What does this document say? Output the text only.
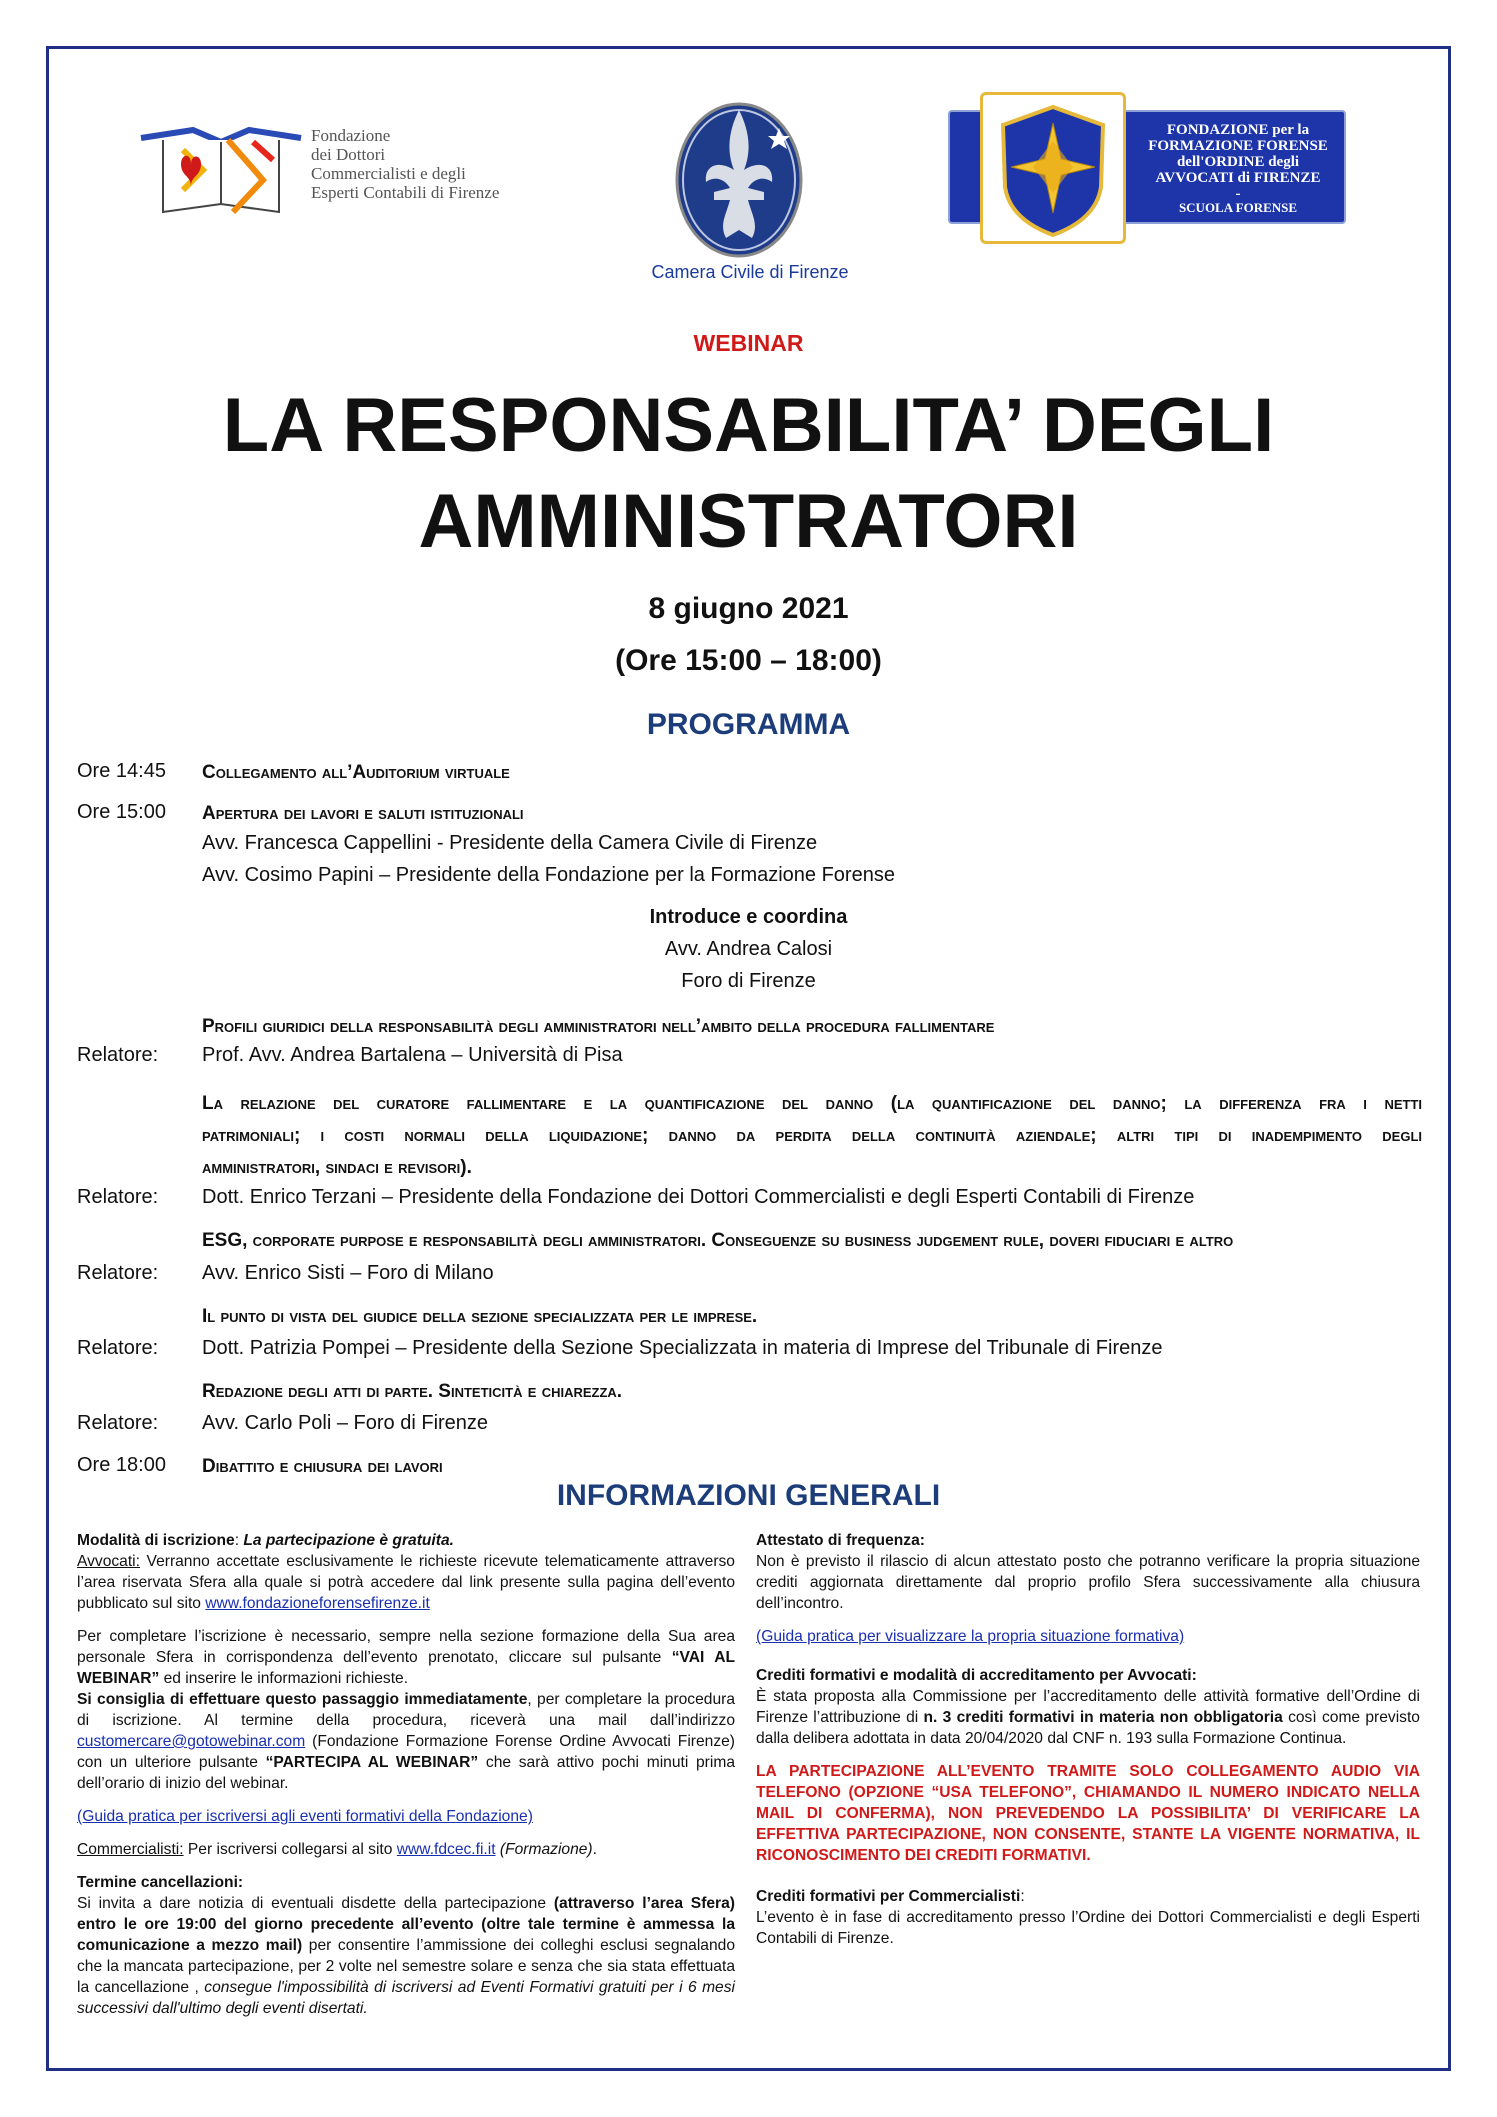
Fondazione
dei Dottori
Commercialisti e degli
Esperti Contabili di Firenze
Camera Civile di Firenze
FONDAZIONE per la
FORMAZIONE FORENSE
dell'ORDINE degli
AVVOCATI di FIRENZE
-
SCUOLA FORENSE
WEBINAR
LA RESPONSABILITA’ DEGLI
AMMINISTRATORI
8 giugno 2021
(Ore 15:00 – 18:00)
PROGRAMMA
Ore 14:45 Collegamento all’Auditorium virtuale
Ore 15:00 Apertura dei lavori e saluti istituzionali
Avv. Francesca Cappellini - Presidente della Camera Civile di Firenze
Avv. Cosimo Papini – Presidente della Fondazione per la Formazione Forense
Introduce e coordina
Avv. Andrea Calosi
Foro di Firenze
Profili giuridici della responsabilità degli amministratori nell’ambito della procedura fallimentare
Relatore: Prof. Avv. Andrea Bartalena – Università di Pisa
La relazione del curatore fallimentare e la quantificazione del danno (la quantificazione del danno; la differenza fra i netti
patrimoniali; i costi normali della liquidazione; danno da perdita della continuità aziendale; altri tipi di inadempimento degli
amministratori, sindaci e revisori).
Relatore: Dott. Enrico Terzani – Presidente della Fondazione dei Dottori Commercialisti e degli Esperti Contabili di Firenze
ESG, corporate purpose e responsabilità degli amministratori. Conseguenze su business judgement rule, doveri fiduciari e altro
Relatore: Avv. Enrico Sisti – Foro di Milano
Il punto di vista del giudice della sezione specializzata per le imprese.
Relatore: Dott. Patrizia Pompei – Presidente della Sezione Specializzata in materia di Imprese del Tribunale di Firenze
Redazione degli atti di parte. Sinteticità e chiarezza.
Relatore: Avv. Carlo Poli – Foro di Firenze
Ore 18:00 Dibattito e chiusura dei lavori
INFORMAZIONI GENERALI

Modalità di iscrizione: La partecipazione è gratuita.

Avvocati: Verranno accettate esclusivamente le richieste ricevute telematicamente attraverso l’area riservata Sfera alla quale si potrà accedere dal link presente sulla pagina dell’evento pubblicato sul sito www.fondazioneforensefirenze.it

Per completare l’iscrizione è necessario, sempre nella sezione formazione della Sua area personale Sfera in corrispondenza dell’evento prenotato, cliccare sul pulsante “VAI AL WEBINAR” ed inserire le informazioni richieste.
Si consiglia di effettuare questo passaggio immediatamente, per completare la procedura di iscrizione. Al termine della procedura, riceverà una mail dall’indirizzo customercare@gotowebinar.com (Fondazione Formazione Forense Ordine Avvocati Firenze) con un ulteriore pulsante “PARTECIPA AL WEBINAR” che sarà attivo pochi minuti prima dell’orario di inizio del webinar.

(Guida pratica per iscriversi agli eventi formativi della Fondazione)

Commercialisti: Per iscriversi collegarsi al sito www.fdcec.fi.it (Formazione).

Termine cancellazioni:
Si invita a dare notizia di eventuali disdette della partecipazione (attraverso l’area Sfera) entro le ore 19:00 del giorno precedente all’evento (oltre tale termine è ammessa la comunicazione a mezzo mail) per consentire l’ammissione dei colleghi esclusi segnalando che la mancata partecipazione, per 2 volte nel semestre solare e senza che sia stata effettuata la cancellazione , consegue l'impossibilità di iscriversi ad Eventi Formativi gratuiti per i 6 mesi successivi dall'ultimo degli eventi disertati.

Attestato di frequenza:
Non è previsto il rilascio di alcun attestato posto che potranno verificare la propria situazione crediti aggiornata direttamente dal proprio profilo Sfera successivamente alla chiusura dell’incontro.

(Guida pratica per visualizzare la propria situazione formativa)

Crediti formativi e modalità di accreditamento per Avvocati:
È stata proposta alla Commissione per l’accreditamento delle attività formative dell’Ordine di Firenze l’attribuzione di n. 3 crediti formativi in materia non obbligatoria così come previsto dalla delibera adottata in data 20/04/2020 dal CNF n. 193 sulla Formazione Continua.

LA PARTECIPAZIONE ALL’EVENTO TRAMITE SOLO COLLEGAMENTO AUDIO VIA TELEFONO (OPZIONE “USA TELEFONO”, CHIAMANDO IL NUMERO INDICATO NELLA MAIL DI CONFERMA), NON PREVEDENDO LA POSSIBILITA’ DI VERIFICARE LA EFFETTIVA PARTECIPAZIONE, NON CONSENTE, STANTE LA VIGENTE NORMATIVA, IL RICONOSCIMENTO DEI CREDITI FORMATIVI.

Crediti formativi per Commercialisti:
L’evento è in fase di accreditamento presso l’Ordine dei Dottori Commercialisti e degli Esperti Contabili di Firenze.
